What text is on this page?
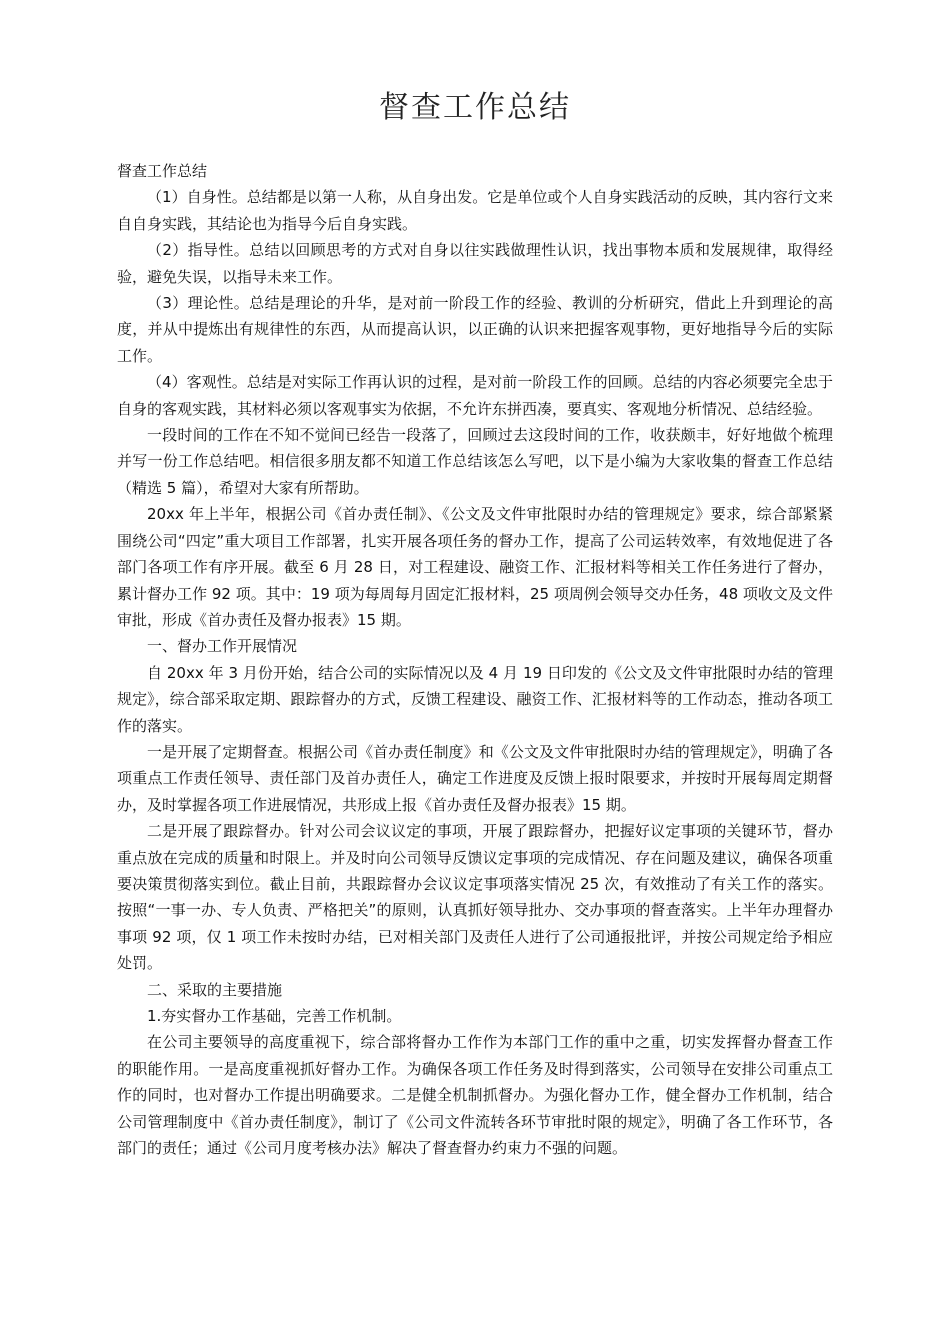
督查工作总结

督查工作总结

（1）自身性。总结都是以第一人称，从自身出发。它是单位或个人自身实践活动的反映，其内容行文来自自身实践，其结论也为指导今后自身实践。

（2）指导性。总结以回顾思考的方式对自身以往实践做理性认识，找出事物本质和发展规律，取得经验，避免失误，以指导未来工作。

（3）理论性。总结是理论的升华，是对前一阶段工作的经验、教训的分析研究，借此上升到理论的高度，并从中提炼出有规律性的东西，从而提高认识，以正确的认识来把握客观事物，更好地指导今后的实际工作。

（4）客观性。总结是对实际工作再认识的过程，是对前一阶段工作的回顾。总结的内容必须要完全忠于自身的客观实践，其材料必须以客观事实为依据，不允许东拼西凑，要真实、客观地分析情况、总结经验。

一段时间的工作在不知不觉间已经告一段落了，回顾过去这段时间的工作，收获颇丰，好好地做个梳理并写一份工作总结吧。相信很多朋友都不知道工作总结该怎么写吧，以下是小编为大家收集的督查工作总结（精选 5 篇），希望对大家有所帮助。

20xx 年上半年，根据公司《首办责任制》、《公文及文件审批限时办结的管理规定》要求，综合部紧紧围绕公司“四定”重大项目工作部署，扎实开展各项任务的督办工作，提高了公司运转效率，有效地促进了各部门各项工作有序开展。截至 6 月 28 日，对工程建设、融资工作、汇报材料等相关工作任务进行了督办，累计督办工作 92 项。其中：19 项为每周每月固定汇报材料，25 项周例会领导交办任务，48 项收文及文件审批，形成《首办责任及督办报表》15 期。

一、督办工作开展情况

自 20xx 年 3 月份开始，结合公司的实际情况以及 4 月 19 日印发的《公文及文件审批限时办结的管理规定》，综合部采取定期、跟踪督办的方式，反馈工程建设、融资工作、汇报材料等的工作动态，推动各项工作的落实。

一是开展了定期督查。根据公司《首办责任制度》和《公文及文件审批限时办结的管理规定》，明确了各项重点工作责任领导、责任部门及首办责任人，确定工作进度及反馈上报时限要求，并按时开展每周定期督办，及时掌握各项工作进展情况，共形成上报《首办责任及督办报表》15 期。

二是开展了跟踪督办。针对公司会议议定的事项，开展了跟踪督办，把握好议定事项的关键环节，督办重点放在完成的质量和时限上。并及时向公司领导反馈议定事项的完成情况、存在问题及建议，确保各项重要决策贯彻落实到位。截止目前，共跟踪督办会议议定事项落实情况 25 次，有效推动了有关工作的落实。按照“一事一办、专人负责、严格把关”的原则，认真抓好领导批办、交办事项的督查落实。上半年办理督办事项 92 项，仅 1 项工作未按时办结，已对相关部门及责任人进行了公司通报批评，并按公司规定给予相应处罚。

二、采取的主要措施

1.夯实督办工作基础，完善工作机制。

在公司主要领导的高度重视下，综合部将督办工作作为本部门工作的重中之重，切实发挥督办督查工作的职能作用。一是高度重视抓好督办工作。为确保各项工作任务及时得到落实，公司领导在安排公司重点工作的同时，也对督办工作提出明确要求。二是健全机制抓督办。为强化督办工作，健全督办工作机制，结合公司管理制度中《首办责任制度》，制订了《公司文件流转各环节审批时限的规定》，明确了各工作环节，各部门的责任；通过《公司月度考核办法》解决了督查督办约束力不强的问题。
